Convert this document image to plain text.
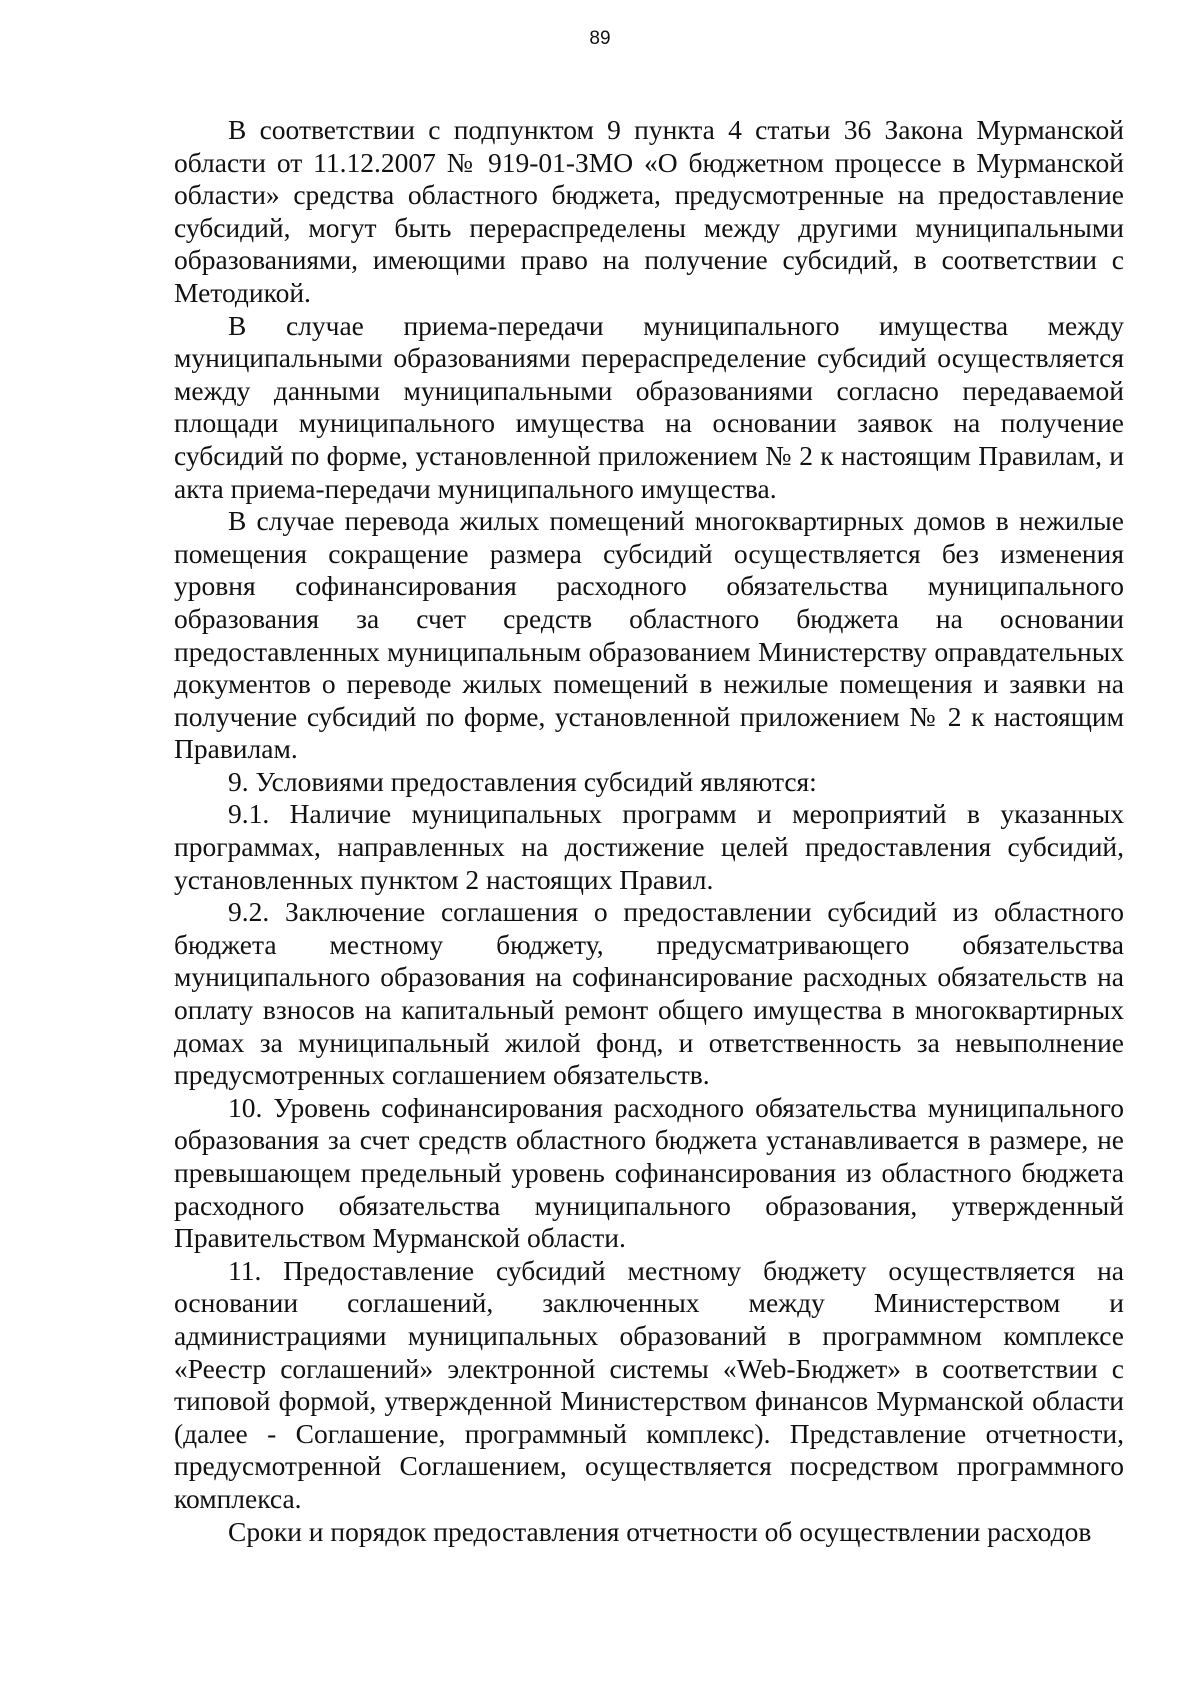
89

В соответствии с подпунктом 9 пункта 4 статьи 36 Закона Мурманской области от 11.12.2007 № 919-01-ЗМО «О бюджетном процессе в Мурманской области» средства областного бюджета, предусмотренные на предоставление субсидий, могут быть перераспределены между другими муниципальными образованиями, имеющими право на получение субсидий, в соответствии с Методикой.

В случае приема-передачи муниципального имущества между муниципальными образованиями перераспределение субсидий осуществляется между данными муниципальными образованиями согласно передаваемой площади муниципального имущества на основании заявок на получение субсидий по форме, установленной приложением № 2 к настоящим Правилам, и акта приема-передачи муниципального имущества.

В случае перевода жилых помещений многоквартирных домов в нежилые помещения сокращение размера субсидий осуществляется без изменения уровня софинансирования расходного обязательства муниципального образования за счет средств областного бюджета на основании предоставленных муниципальным образованием Министерству оправдательных документов о переводе жилых помещений в нежилые помещения и заявки на получение субсидий по форме, установленной приложением № 2 к настоящим Правилам.

9. Условиями предоставления субсидий являются:

9.1. Наличие муниципальных программ и мероприятий в указанных программах, направленных на достижение целей предоставления субсидий, установленных пунктом 2 настоящих Правил.

9.2. Заключение соглашения о предоставлении субсидий из областного бюджета местному бюджету, предусматривающего обязательства муниципального образования на софинансирование расходных обязательств на оплату взносов на капитальный ремонт общего имущества в многоквартирных домах за муниципальный жилой фонд, и ответственность за невыполнение предусмотренных соглашением обязательств.

10. Уровень софинансирования расходного обязательства муниципального образования за счет средств областного бюджета устанавливается в размере, не превышающем предельный уровень софинансирования из областного бюджета расходного обязательства муниципального образования, утвержденный Правительством Мурманской области.

11. Предоставление субсидий местному бюджету осуществляется на основании соглашений, заключенных между Министерством и администрациями муниципальных образований в программном комплексе «Реестр соглашений» электронной системы «Web-Бюджет» в соответствии с типовой формой, утвержденной Министерством финансов Мурманской области (далее - Соглашение, программный комплекс). Представление отчетности, предусмотренной Соглашением, осуществляется посредством программного комплекса.

Сроки и порядок предоставления отчетности об осуществлении расходов
